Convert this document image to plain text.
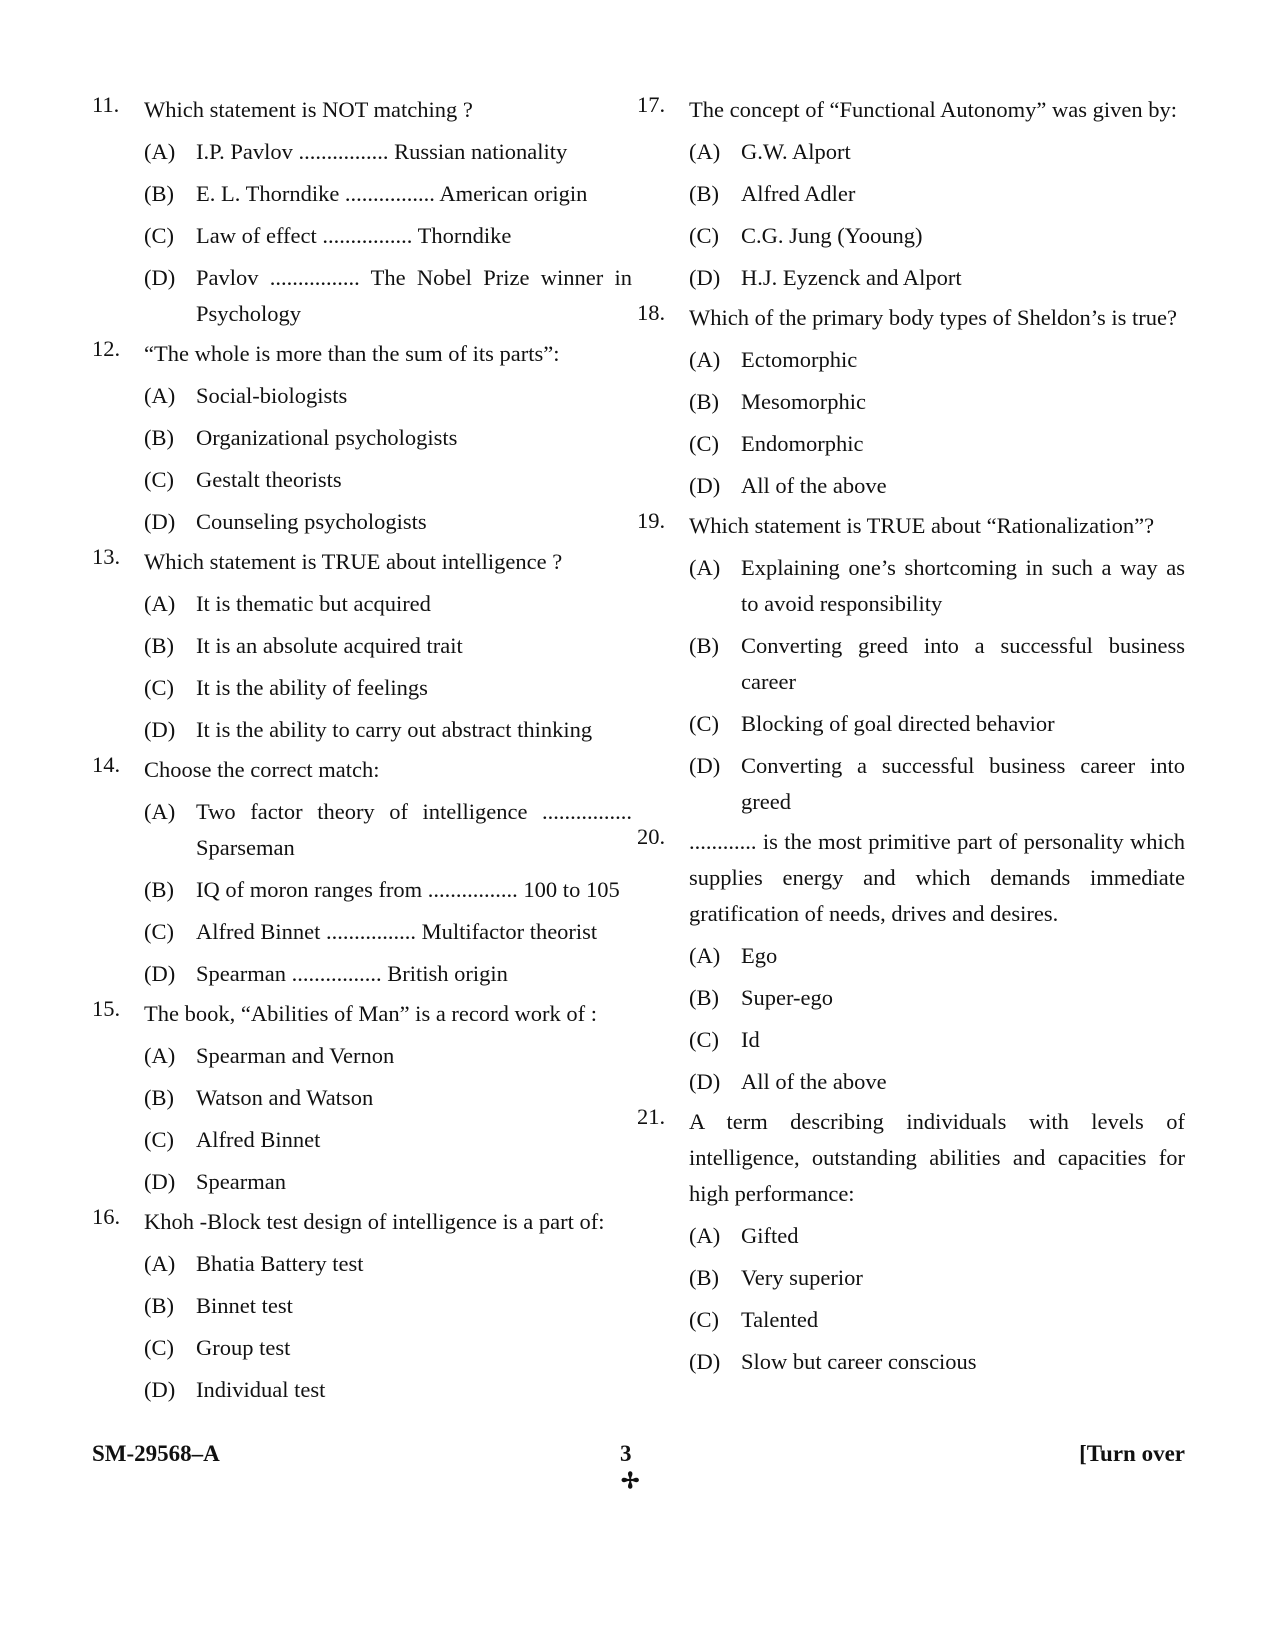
11. Which statement is NOT matching ?
(A) I.P. Pavlov ................ Russian nationality
(B) E. L. Thorndike ................ American origin
(C) Law of effect ................ Thorndike
(D) Pavlov ................ The Nobel Prize winner in Psychology
12. “The whole is more than the sum of its parts”:
(A) Social-biologists
(B) Organizational psychologists
(C) Gestalt theorists
(D) Counseling psychologists
13. Which statement is TRUE about intelligence ?
(A) It is thematic but acquired
(B) It is an absolute acquired trait
(C) It is the ability of feelings
(D) It is the ability to carry out abstract thinking
14. Choose the correct match:
(A) Two factor theory of intelligence ................ Sparseman
(B) IQ of moron ranges from ................ 100 to 105
(C) Alfred Binnet ................ Multifactor theorist
(D) Spearman ................ British origin
15. The book, “Abilities of Man” is a record work of :
(A) Spearman and Vernon
(B) Watson and Watson
(C) Alfred Binnet
(D) Spearman
16. Khoh -Block test design of intelligence is a part of:
(A) Bhatia Battery test
(B) Binnet test
(C) Group test
(D) Individual test
17. The concept of “Functional Autonomy” was given by:
(A) G.W. Alport
(B) Alfred Adler
(C) C.G. Jung (Yooung)
(D) H.J. Eyzenck and Alport
18. Which of the primary body types of Sheldon’s is true?
(A) Ectomorphic
(B) Mesomorphic
(C) Endomorphic
(D) All of the above
19. Which statement is TRUE about “Rationalization”?
(A) Explaining one’s shortcoming in such a way as to avoid responsibility
(B) Converting greed into a successful business career
(C) Blocking of goal directed behavior
(D) Converting a successful business career into greed
20. ............ is the most primitive part of personality which supplies energy and which demands immediate gratification of needs, drives and desires.
(A) Ego
(B) Super-ego
(C) Id
(D) All of the above
21. A term describing individuals with levels of intelligence, outstanding abilities and capacities for high performance:
(A) Gifted
(B) Very superior
(C) Talented
(D) Slow but career conscious
SM-29568–A	3	[Turn over
✢
